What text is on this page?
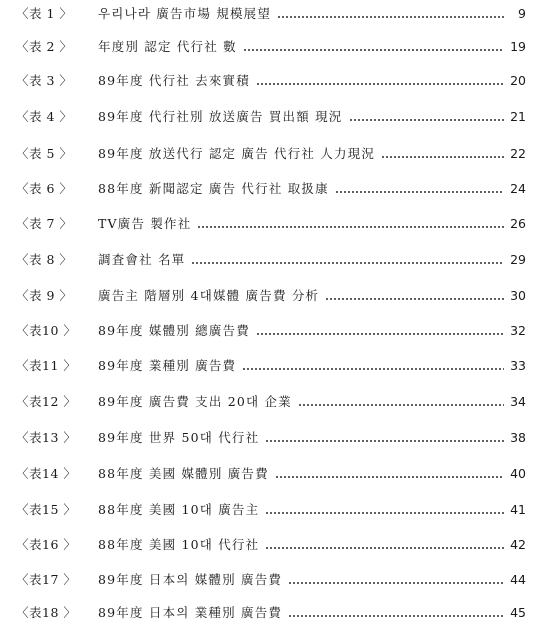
〈表 1 〉	우리나라 廣告市場 規模展望	9
〈表 2 〉	年度別 認定 代行社 數	19
〈表 3 〉	89年度 代行社 去來實積	20
〈表 4 〉	89年度 代行社別 放送廣告 買出額 現況	21
〈表 5 〉	89年度 放送代行 認定 廣告 代行社 人力現況	22
〈表 6 〉	88年度 新聞認定 廣告 代行社 取扱康	24
〈表 7 〉	TV廣告 製作社	26
〈表 8 〉	調査會社 名單	29
〈表 9 〉	廣告主 階層別 4대媒體 廣告費 分析	30
〈表10 〉	89年度 媒體別 總廣告費	32
〈表11 〉	89年度 業種別 廣告費	33
〈表12 〉	89年度 廣告費 支出 20대 企業	34
〈表13 〉	89年度 世界 50대 代行社	38
〈表14 〉	88年度 美國 媒體別 廣告費	40
〈表15 〉	88年度 美國 10대 廣告主	41
〈表16 〉	88年度 美國 10대 代行社	42
〈表17 〉	89年度 日本의 媒體別 廣告費	44
〈表18 〉	89年度 日本의 業種別 廣告費	45
